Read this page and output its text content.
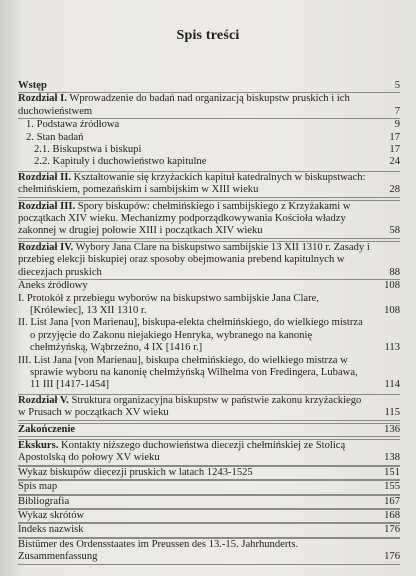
Spis treści
Wstęp	5
Rozdział I. Wprowadzenie do badań nad organizacją biskupstw pruskich i ich duchowieństwem	7
1. Podstawa źródłowa	9
2. Stan badań	17
2.1. Biskupstwa i biskupi	17
2.2. Kapituły i duchowieństwo kapitulne	24
Rozdział II. Kształtowanie się krzyżackich kapituł katedralnych w biskupstwach: chełmińskiem, pomezańskim i sambijskim w XIII wieku	28
Rozdział III. Spory biskupów: chełmińskiego i sambijskiego z Krzyżakami w początkach XIV wieku. Mechanizmy podporządkowywania Kościoła władzy zakonnej w drugiej połowie XIII i początkach XIV wieku	58
Rozdział IV. Wybory Jana Clare na biskupstwo sambijskie 13 XII 1310 r. Zasady i przebieg elekcji biskupiej oraz sposoby obejmowania prebend kapitulnych w diecezjach pruskich	88
Aneks źródłowy	108
I. Protokół z przebiegu wyborów na biskupstwo sambijskie Jana Clare, [Królewiec], 13 XII 1310 r.	108
II. List Jana [von Marienau], biskupa-elekta chełmińskiego, do wielkiego mistrza o przyjęcie do Zakonu niejakiego Henryka, wybranego na kanonię chełmżyńską, Wąbrzeźno, 4 IX [1416 r.]	113
III. List Jana [von Marienau], biskupa chełmińskiego, do wielkiego mistrza w sprawie wyboru na kanonię chełmżyńską Wilhelma von Fredingera, Lubawa, 11 III [1417-1454]	114
Rozdział V. Struktura organizacyjna biskupstw w państwie zakonu krzyżackiego w Prusach w początkach XV wieku	115
Zakończenie	136
Ekskurs. Kontakty niższego duchowieństwa diecezji chełmińskiej ze Stolicą Apostolską do połowy XV wieku	138
Wykaz biskupów diecezji pruskich w latach 1243-1525	151
Spis map	155
Bibliografia	167
Wykaz skrótów	168
Indeks nazwisk	176
Bistümer des Ordensstaates im Preussen des 13.-15. Jahrhunderts. Zusammenfassung	176
